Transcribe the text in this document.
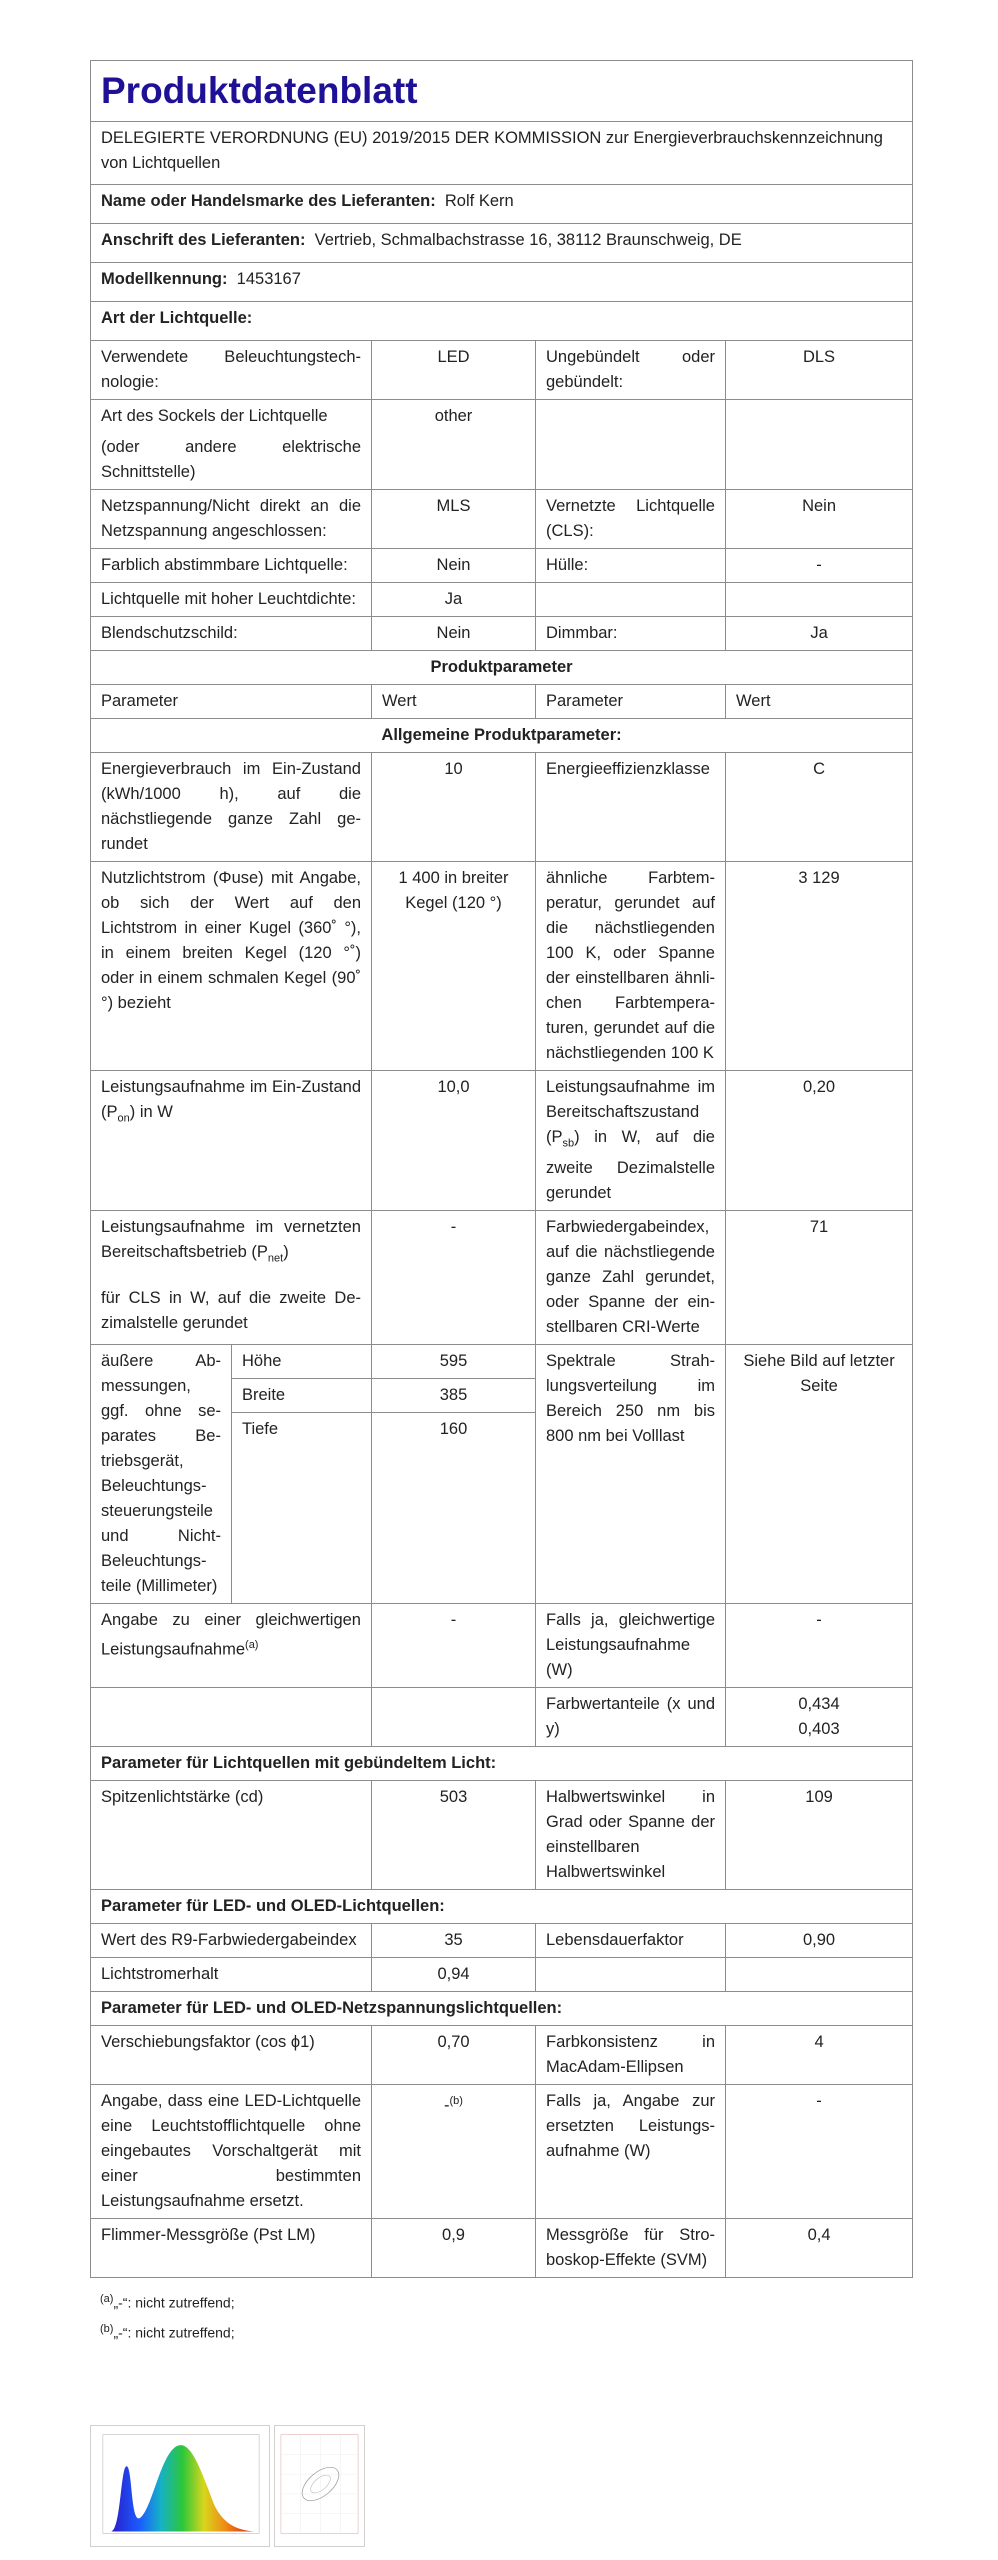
Produktdatenblatt				
DELEGIERTE VERORDNUNG (EU) 2019/2015 DER KOMMISSION zur Energieverbrauchskennzeichnung von Lichtquellen				
Name oder Handelsmarke des Lieferanten: Rolf Kern				
Anschrift des Lieferanten: Vertrieb, Schmalbachstrasse 16, 38112 Braunschweig, DE				
Modellkennung: 1453167				
Art der Lichtquelle:				
Verwendete Beleuchtungstechnologie:		LED	Ungebündelt oder gebündelt:	DLS

Art des Sockels der Lichtquelle
(oder andere elektrische Schnittstelle)		other		
Netzspannung/Nicht direkt an die Netzspannung angeschlossen:		MLS	Vernetzte Lichtquelle (CLS):	Nein
Farblich abstimmbare Lichtquelle:		Nein	Hülle:	-
Lichtquelle mit hoher Leuchtdichte:		Ja		
Blendschutzschild:		Nein	Dimmbar:	Ja
Produktparameter				
Parameter		Wert	Parameter	Wert
Allgemeine Produktparameter:				
Energieverbrauch im Ein-Zustand (kWh/1000 h), auf die nächstliegende ganze Zahl gerundet		10	Energieeffizienzklasse	C
Nutzlichtstrom (Φuse) mit Angabe, ob sich der Wert auf den Lichtstrom in einer Kugel (360˚ °), in einem breiten Kegel (120 °˚) oder in einem schmalen Kegel (90˚ °) bezieht		1 400 in breiter Kegel (120 °)	ähnliche Farbtemperatur, gerundet auf die nächstliegenden 100 K, oder Spanne der einstellbaren ähnlichen Farbtemperaturen, gerundet auf die nächstliegenden 100 K	3 129
Leistungsaufnahme im Ein-Zustand $(P_{on})$ in W		10,0	Leistungsaufnahme im Bereitschaftszustand $(P_{sb})$ in W, auf die zweite Dezimalstelle gerundet	0,20

Leistungsaufnahme im vernetzten Bereitschaftsbetrieb $(P_{net})$
für CLS in W, auf die zweite Dezimalstelle gerundet		-	Farbwiedergabeindex, auf die nächstliegende ganze Zahl gerundet, oder Spanne der einstellbaren CRI-Werte	71
äußere Abmessungen, ggf. ohne separates Betriebsgerät, Beleuchtungssteuerungsteile und Nicht-Beleuchtungsteile (Millimeter)	Höhe	595	Spektrale Strahlungsverteilung im Bereich 250 nm bis 800 nm bei Volllast	Siehe Bild auf letzter Seite
	Breite	385		
	Tiefe	160		
Angabe zu einer gleichwertigen Leistungsaufnahme$^{(a)}$		-	Falls ja, gleichwertige Leistungsaufnahme (W)	-
			Farbwertanteile (x und y)	0,434
0,403

Parameter für Lichtquellen mit gebündeltem Licht:				
Spitzenlichtstärke (cd)		503	Halbwertswinkel in Grad oder Spanne der einstellbaren Halbwertswinkel	109
Parameter für LED- und OLED-Lichtquellen:				
Wert des R9-Farbwiedergabeindex		35	Lebensdauerfaktor	0,90
Lichtstromerhalt		0,94		
Parameter für LED- und OLED-Netzspannungslichtquellen:				
Verschiebungsfaktor (cos ϕ1)		0,70	Farbkonsistenz in MacAdam-Ellipsen	4
Angabe, dass eine LED-Lichtquelle eine Leuchtstofflichtquelle ohne eingebautes Vorschaltgerät mit einer bestimmten Leistungsaufnahme ersetzt.		-$^{(b)}$	Falls ja, Angabe zur ersetzten Leistungsaufnahme (W)	-
Flimmer-Messgröße (Pst LM)		0,9	Messgröße für Stroboskop-Effekte (SVM)	0,4
$^{(a)}$„-“: nicht zutreffend;
$^{(b)}$„-“: nicht zutreffend;
